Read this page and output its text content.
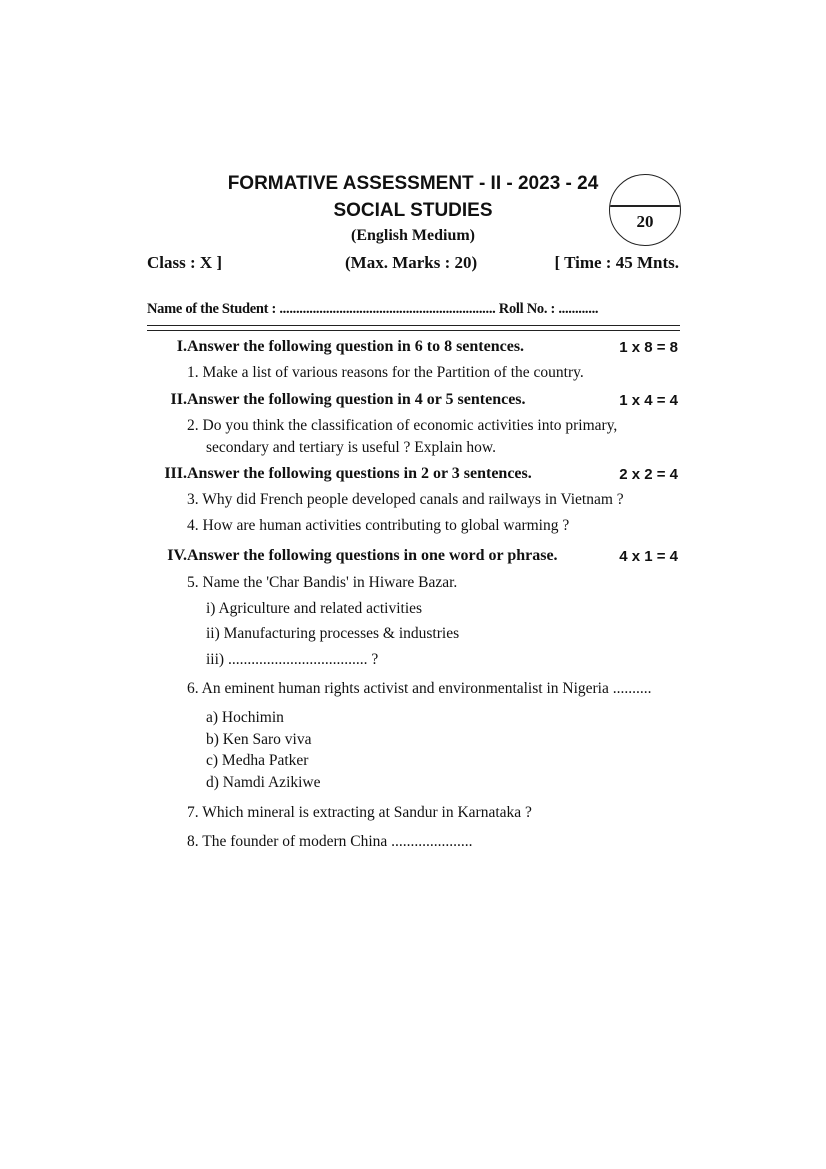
FORMATIVE ASSESSMENT - II - 2023 - 24
SOCIAL STUDIES
(English Medium)
20
Class : X ]	(Max. Marks : 20)	[ Time : 45 Mnts.
Name of the Student : ................................................................. Roll No. : ............
I. Answer the following question in 6 to 8 sentences.	1 x 8 = 8
1. Make a list of various reasons for the Partition of the country.
II. Answer the following question in 4 or 5 sentences.	1 x 4 = 4
2. Do you think the classification of economic activities into primary,
secondary and tertiary is useful ? Explain how.
III. Answer the following questions in 2 or 3 sentences.	2 x 2 = 4
3. Why did French people developed canals and railways in Vietnam ?
4. How are human activities contributing to global warming ?
IV. Answer the following questions in one word or phrase.	4 x 1 = 4
5. Name the 'Char Bandis' in Hiware Bazar.
i) Agriculture and related activities
ii) Manufacturing processes & industries
iii) .................................... ?
6. An eminent human rights activist and environmentalist in Nigeria ..........
a) Hochimin
b) Ken Saro viva
c) Medha Patker
d) Namdi Azikiwe
7. Which mineral is extracting at Sandur in Karnataka ?
8. The founder of modern China .....................
